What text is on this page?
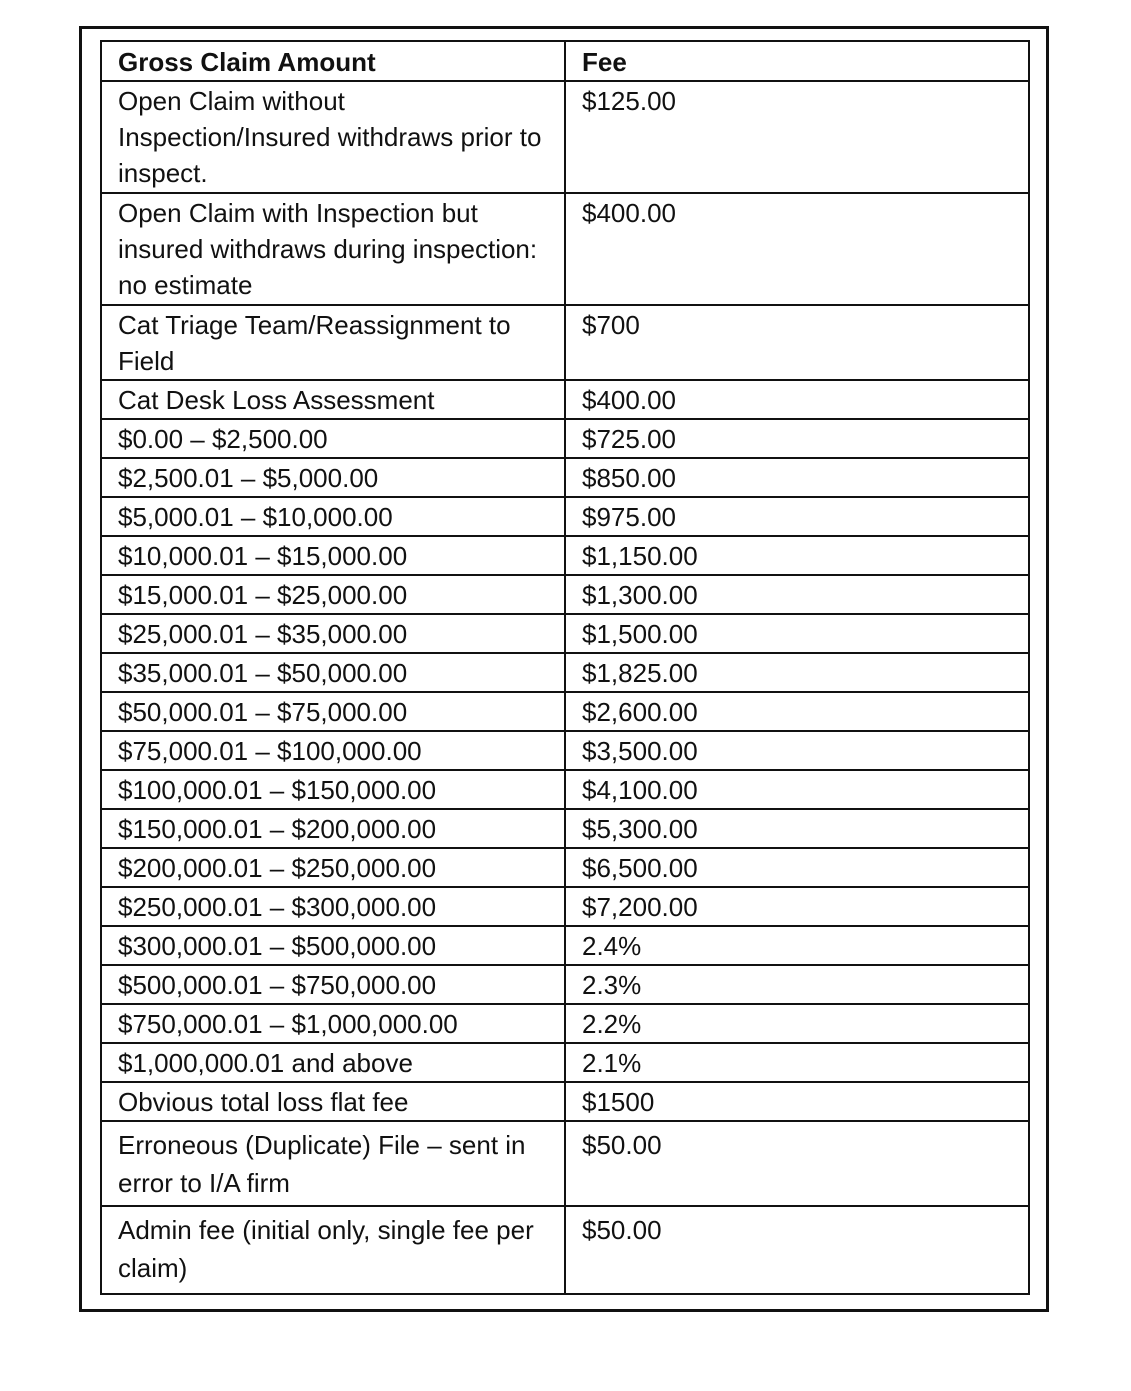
Gross Claim Amount	Fee
Open Claim without Inspection/Insured withdraws prior to inspect.	$125.00
Open Claim with Inspection but insured withdraws during inspection: no estimate	$400.00
Cat Triage Team/Reassignment to Field	$700
Cat Desk Loss Assessment	$400.00
$0.00 – $2,500.00	$725.00
$2,500.01 – $5,000.00	$850.00
$5,000.01 – $10,000.00	$975.00
$10,000.01 – $15,000.00	$1,150.00
$15,000.01 – $25,000.00	$1,300.00
$25,000.01 – $35,000.00	$1,500.00
$35,000.01 – $50,000.00	$1,825.00
$50,000.01 – $75,000.00	$2,600.00
$75,000.01 – $100,000.00	$3,500.00
$100,000.01 – $150,000.00	$4,100.00
$150,000.01 – $200,000.00	$5,300.00
$200,000.01 – $250,000.00	$6,500.00
$250,000.01 – $300,000.00	$7,200.00
$300,000.01 – $500,000.00	2.4%
$500,000.01 – $750,000.00	2.3%
$750,000.01 – $1,000,000.00	2.2%
$1,000,000.01 and above	2.1%
Obvious total loss flat fee	$1500
Erroneous (Duplicate) File – sent in error to I/A firm	$50.00
Admin fee (initial only, single fee per claim)	$50.00
